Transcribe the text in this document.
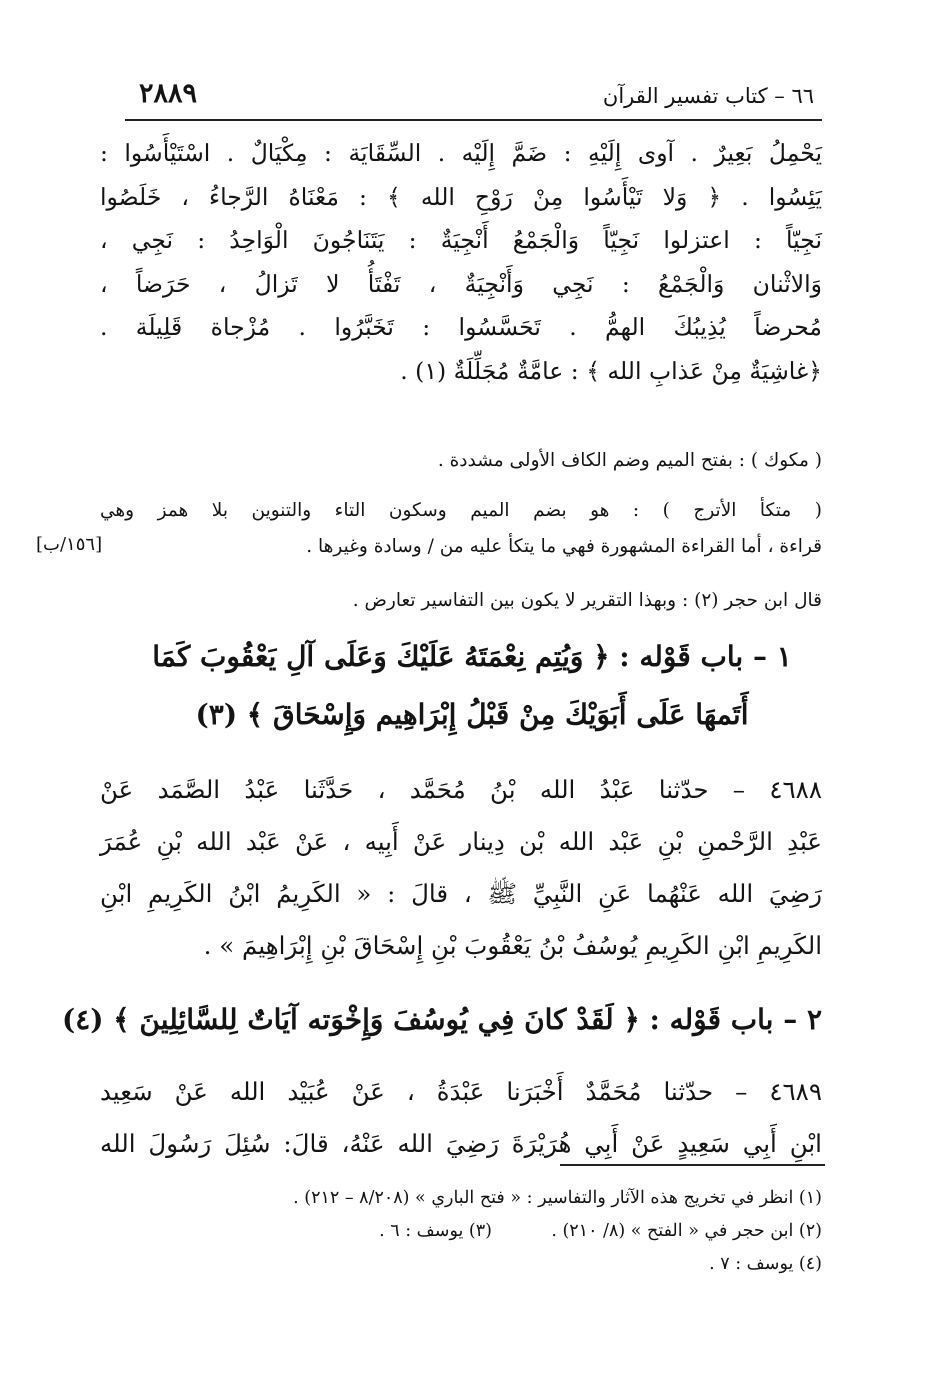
٦٦ – كتاب تفسير القرآن
٢٨٨٩
يَحْمِلُ بَعِيرٌ . آوى إِلَيْهِ : ضَمَّ إِلَيْه . السِّقَايَة : مِكْيَالٌ . اسْتَيْأَسُوا :
يَئِسُوا . ﴿ وَلا تَيْأَسُوا مِنْ رَوْحِ الله ﴾ : مَعْنَاهُ الرَّجاءُ ، خَلَصُوا
نَجِيّاً : اعتزلوا نَجِيّاً وَالْجَمْعُ أَنْجِيَةٌ : يَتَنَاجُونَ الْوَاحِدُ : نَجِي ،
وَالاثْنان وَالْجَمْعُ : نَجِي وَأَنْجِيَةٌ ، تَفْتَأُ لا تَزالُ ، حَرَضاً ،
مُحرضاً يُذِيبُكَ الهمُّ . تَحَسَّسُوا : تَخَبَّرُوا . مُزْجاة قَلِيلَة .
﴿غاشِيَةٌ مِنْ عَذابِ الله ﴾ : عامَّةٌ مُجَلِّلَةٌ (١) .
( مكوك ) : بفتح الميم وضم الكاف الأولى مشددة .
( متكأ الأترج ) : هو بضم الميم وسكون التاء والتنوين بلا همز وهي
قراءة ، أما القراءة المشهورة فهي ما يتكأ عليه من / وسادة وغيرها .
[١٥٦/ب]
قال ابن حجر (٢) : وبهذا التقرير لا يكون بين التفاسير تعارض .
١ – باب قَوْله : ﴿ وَيُتِم نِعْمَتَهُ عَلَيْكَ وَعَلَى آلِ يَعْقُوبَ كَمَا
أَتَمهَا عَلَى أَبَوَيْكَ مِنْ قَبْلُ إِبْرَاهِيم وَإِسْحَاقَ ﴾ (٣)
٤٦٨٨ – حدّثنا عَبْدُ الله بْنُ مُحَمَّد ، حَدَّثَنا عَبْدُ الصَّمَد عَنْ
عَبْدِ الرَّحْمنِ بْنِ عَبْد الله بْن دِينار عَنْ أَبِيه ، عَنْ عَبْد الله بْنِ عُمَرَ
رَضِيَ الله عَنْهُما عَنِ النَّبِيِّ ﷺ ، قالَ : « الكَرِيمُ ابْنُ الكَرِيمِ ابْنِ
الكَرِيمِ ابْنِ الكَرِيمِ يُوسُفُ بْنُ يَعْقُوبَ بْنِ إِسْحَاقَ بْنِ إِبْرَاهِيمَ » .
٢ – باب قَوْله : ﴿ لَقَدْ كانَ فِي يُوسُفَ وَإِخْوَته آيَاتٌ لِلسَّائِلِينَ ﴾ (٤)
٤٦٨٩ – حدّثنا مُحَمَّدٌ أَخْبَرَنا عَبْدَةُ ، عَنْ عُبَيْد الله عَنْ سَعِيد
ابْنِ أَبِي سَعِيدٍ عَنْ أَبِي هُرَيْرَةَ رَضِيَ الله عَنْهُ، قالَ: سُئِلَ رَسُولَ الله
(١) انظر في تخريج هذه الآثار والتفاسير : « فتح الباري » (٨/٢٠٨ – ٢١٢) .
(٢) ابن حجر في « الفتح » (٨/ ٢١٠) .
(٣) يوسف : ٦ .
(٤) يوسف : ٧ .
